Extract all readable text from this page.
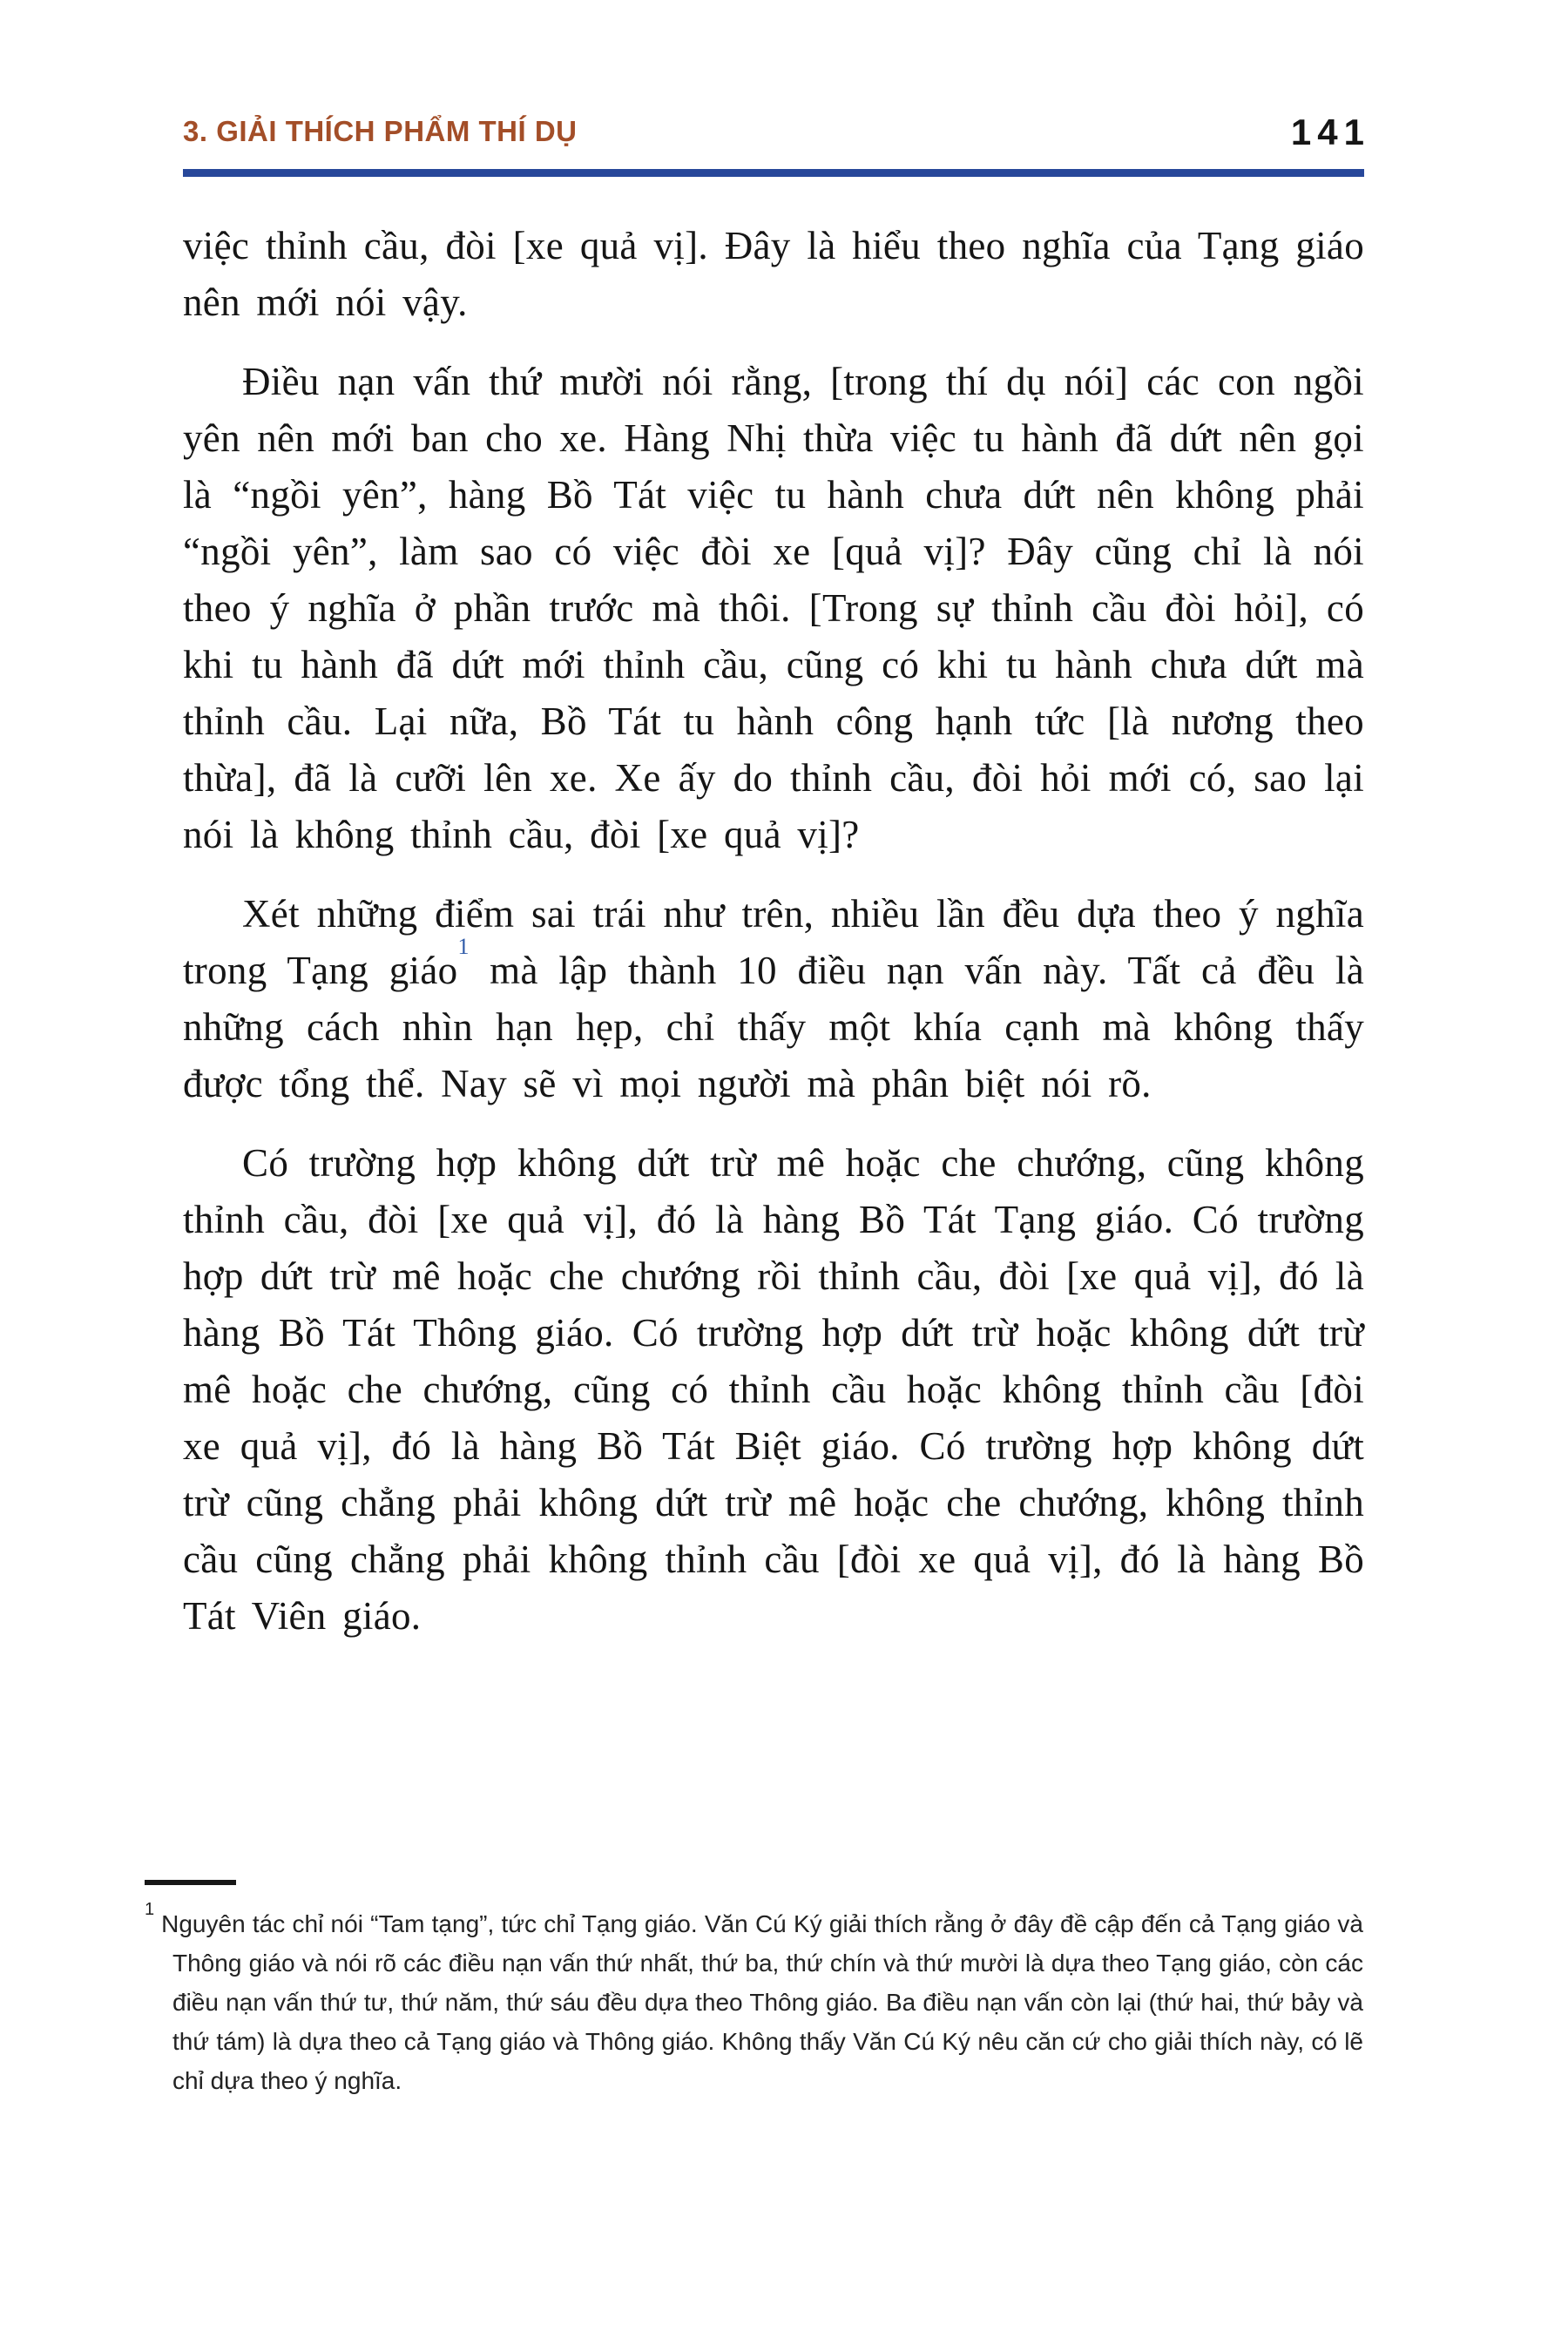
3. GIẢI THÍCH PHẨM THÍ DỤ	141

việc thỉnh cầu, đòi [xe quả vị]. Đây là hiểu theo nghĩa của Tạng giáo nên mới nói vậy.

Điều nạn vấn thứ mười nói rằng, [trong thí dụ nói] các con ngồi yên nên mới ban cho xe. Hàng Nhị thừa việc tu hành đã dứt nên gọi là “ngồi yên”, hàng Bồ Tát việc tu hành chưa dứt nên không phải “ngồi yên”, làm sao có việc đòi xe [quả vị]? Đây cũng chỉ là nói theo ý nghĩa ở phần trước mà thôi. [Trong sự thỉnh cầu đòi hỏi], có khi tu hành đã dứt mới thỉnh cầu, cũng có khi tu hành chưa dứt mà thỉnh cầu. Lại nữa, Bồ Tát tu hành công hạnh tức [là nương theo thừa], đã là cưỡi lên xe. Xe ấy do thỉnh cầu, đòi hỏi mới có, sao lại nói là không thỉnh cầu, đòi [xe quả vị]?

Xét những điểm sai trái như trên, nhiều lần đều dựa theo ý nghĩa trong Tạng giáo$^1$ mà lập thành 10 điều nạn vấn này. Tất cả đều là những cách nhìn hạn hẹp, chỉ thấy một khía cạnh mà không thấy được tổng thể. Nay sẽ vì mọi người mà phân biệt nói rõ.

Có trường hợp không dứt trừ mê hoặc che chướng, cũng không thỉnh cầu, đòi [xe quả vị], đó là hàng Bồ Tát Tạng giáo. Có trường hợp dứt trừ mê hoặc che chướng rồi thỉnh cầu, đòi [xe quả vị], đó là hàng Bồ Tát Thông giáo. Có trường hợp dứt trừ hoặc không dứt trừ mê hoặc che chướng, cũng có thỉnh cầu hoặc không thỉnh cầu [đòi xe quả vị], đó là hàng Bồ Tát Biệt giáo. Có trường hợp không dứt trừ cũng chẳng phải không dứt trừ mê hoặc che chướng, không thỉnh cầu cũng chẳng phải không thỉnh cầu [đòi xe quả vị], đó là hàng Bồ Tát Viên giáo.

$^1$Nguyên tác chỉ nói “Tam tạng”, tức chỉ Tạng giáo. Văn Cú Ký giải thích rằng ở đây đề cập đến cả Tạng giáo và Thông giáo và nói rõ các điều nạn vấn thứ nhất, thứ ba, thứ chín và thứ mười là dựa theo Tạng giáo, còn các điều nạn vấn thứ tư, thứ năm, thứ sáu đều dựa theo Thông giáo. Ba điều nạn vấn còn lại (thứ hai, thứ bảy và thứ tám) là dựa theo cả Tạng giáo và Thông giáo. Không thấy Văn Cú Ký nêu căn cứ cho giải thích này, có lẽ chỉ dựa theo ý nghĩa.
